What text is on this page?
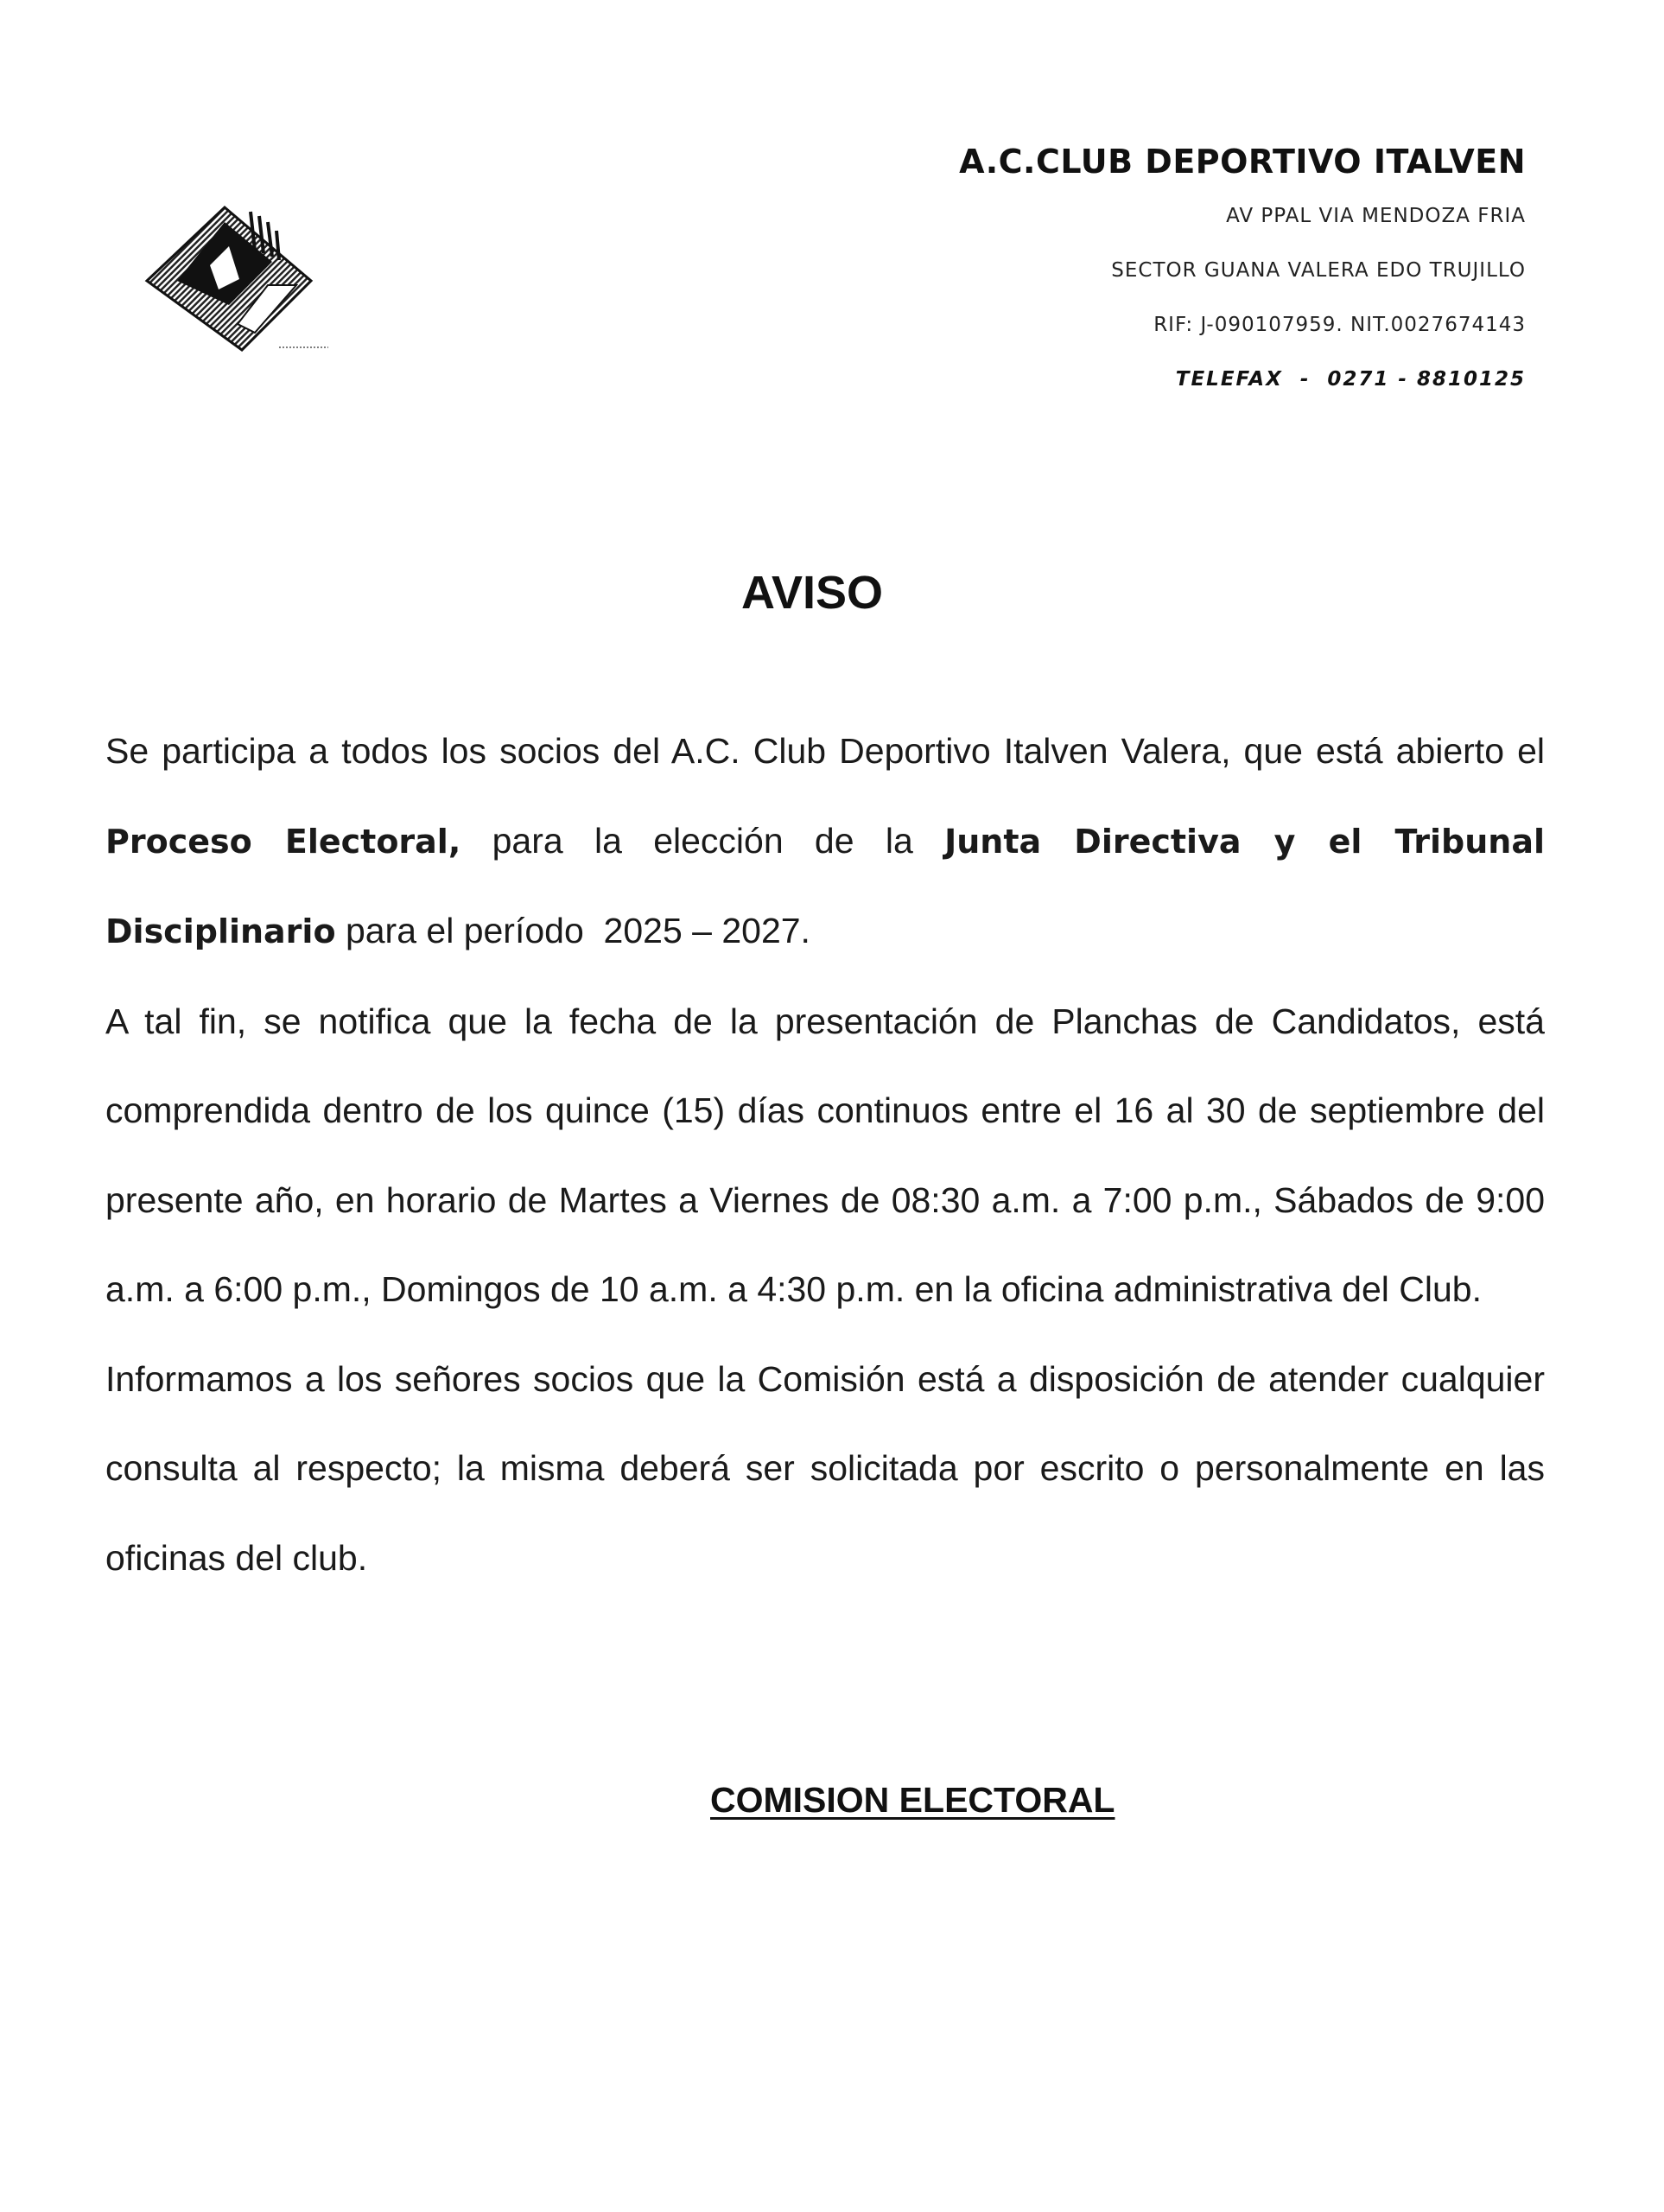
A.C.CLUB DEPORTIVO ITALVEN

AV PPAL VIA MENDOZA FRIA

SECTOR GUANA VALERA EDO TRUJILLO

RIF: J-090107959. NIT.0027674143

TELEFAX  -  0271 - 8810125

AVISO

Se participa a todos los socios del A.C. Club Deportivo Italven Valera, que está abierto el Proceso Electoral, para la elección de la Junta Directiva y el Tribunal Disciplinario para el período  2025 – 2027.

A tal fin, se notifica que la fecha de la presentación de Planchas de Candidatos, está comprendida dentro de los quince (15) días continuos entre el 16 al 30 de septiembre del presente año, en horario de Martes a Viernes de 08:30 a.m. a 7:00 p.m., Sábados de 9:00 a.m. a 6:00 p.m., Domingos de 10 a.m. a 4:30 p.m. en la oficina administrativa del Club.

Informamos a los señores socios que la Comisión está a disposición de atender cualquier consulta al respecto; la misma deberá ser solicitada por escrito o personalmente en las oficinas del club.

COMISION ELECTORAL
